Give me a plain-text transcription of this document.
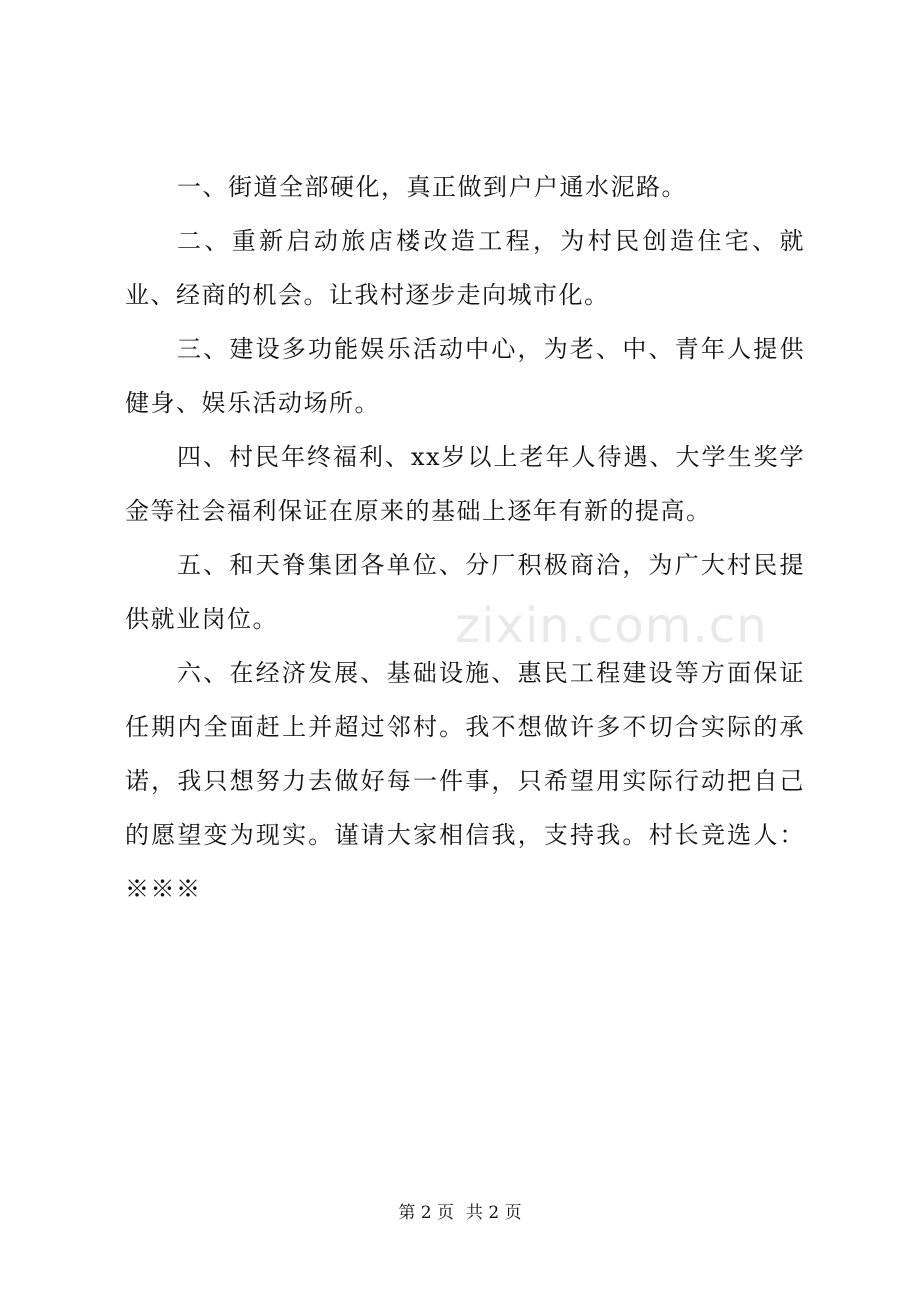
一、街道全部硬化，真正做到户户通水泥路。

二、重新启动旅店楼改造工程，为村民创造住宅、就业、经商的机会。让我村逐步走向城市化。

三、建设多功能娱乐活动中心，为老、中、青年人提供健身、娱乐活动场所。

四、村民年终福利、xx岁以上老年人待遇、大学生奖学金等社会福利保证在原来的基础上逐年有新的提高。

五、和天脊集团各单位、分厂积极商洽，为广大村民提供就业岗位。

六、在经济发展、基础设施、惠民工程建设等方面保证任期内全面赶上并超过邻村。我不想做许多不切合实际的承诺，我只想努力去做好每一件事，只希望用实际行动把自己的愿望变为现实。谨请大家相信我，支持我。村长竞选人：※※※

zixin.com.cn
第 2 页 共 2 页
